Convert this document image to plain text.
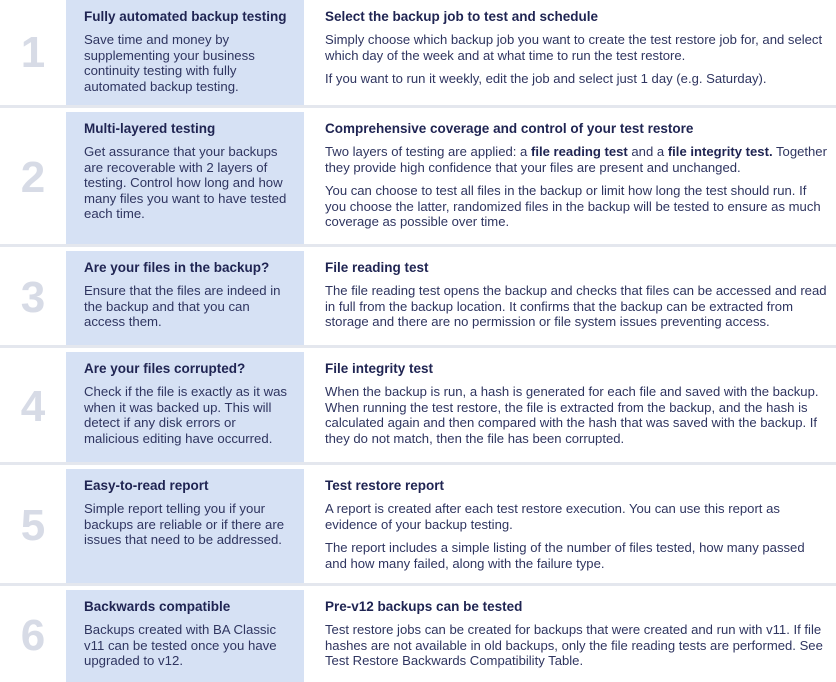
1

Fully automated backup testing

Save time and money by supplementing your business continuity testing with fully automated backup testing.

Select the backup job to test and schedule

Simply choose which backup job you want to create the test restore job for, and select which day of the week and at what time to run the test restore.

If you want to run it weekly, edit the job and select just 1 day (e.g. Saturday).

2

Multi-layered testing

Get assurance that your backups are recoverable with 2 layers of testing. Control how long and how many files you want to have tested each time.

Comprehensive coverage and control of your test restore

Two layers of testing are applied: a file reading test and a file integrity test. Together they provide high confidence that your files are present and unchanged.

You can choose to test all files in the backup or limit how long the test should run. If you choose the latter, randomized files in the backup will be tested to ensure as much coverage as possible over time.

3

Are your files in the backup?

Ensure that the files are indeed in the backup and that you can access them.

File reading test

The file reading test opens the backup and checks that files can be accessed and read in full from the backup location. It confirms that the backup can be extracted from storage and there are no permission or file system issues preventing access.

4

Are your files corrupted?

Check if the file is exactly as it was when it was backed up. This will detect if any disk errors or malicious editing have occurred.

File integrity test

When the backup is run, a hash is generated for each file and saved with the backup. When running the test restore, the file is extracted from the backup, and the hash is calculated again and then compared with the hash that was saved with the backup. If they do not match, then the file has been corrupted.

5

Easy-to-read report

Simple report telling you if your backups are reliable or if there are issues that need to be addressed.

Test restore report

A report is created after each test restore execution. You can use this report as evidence of your backup testing.

The report includes a simple listing of the number of files tested, how many passed and how many failed, along with the failure type.

6

Backwards compatible

Backups created with BA Classic v11 can be tested once you have upgraded to v12.

Pre-v12 backups can be tested

Test restore jobs can be created for backups that were created and run with v11. If file hashes are not available in old backups, only the file reading tests are performed. See Test Restore Backwards Compatibility Table.
